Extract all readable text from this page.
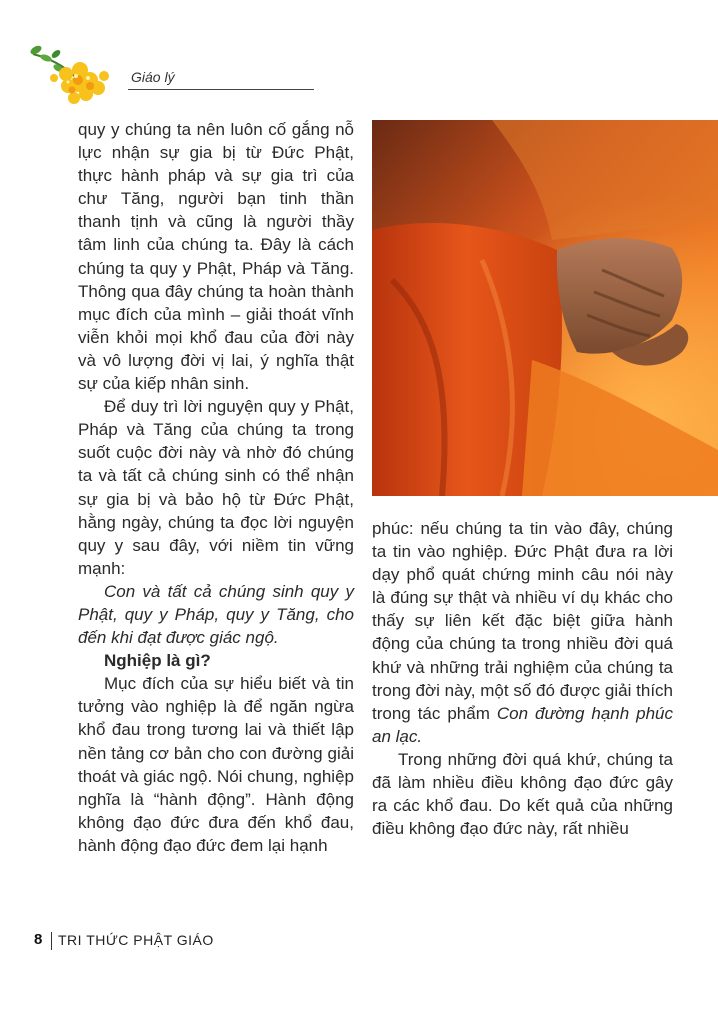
Giáo lý

quy y chúng ta nên luôn cố gắng nỗ lực nhận sự gia bị từ Đức Phật, thực hành pháp và sự gia trì của chư Tăng, người bạn tinh thần thanh tịnh và cũng là người thầy tâm linh của chúng ta. Đây là cách chúng ta quy y Phật, Pháp và Tăng. Thông qua đây chúng ta hoàn thành mục đích của mình – giải thoát vĩnh viễn khỏi mọi khổ đau của đời này và vô lượng đời vị lai, ý nghĩa thật sự của kiếp nhân sinh.

Để duy trì lời nguyện quy y Phật, Pháp và Tăng của chúng ta trong suốt cuộc đời này và nhờ đó chúng ta và tất cả chúng sinh có thể nhận sự gia bị và bảo hộ từ Đức Phật, hằng ngày, chúng ta đọc lời nguyện quy y sau đây, với niềm tin vững mạnh:

Con và tất cả chúng sinh quy y Phật, quy y Pháp, quy y Tăng, cho đến khi đạt được giác ngộ.

Nghiệp là gì?

Mục đích của sự hiểu biết và tin tưởng vào nghiệp là để ngăn ngừa khổ đau trong tương lai và thiết lập nền tảng cơ bản cho con đường giải thoát và giác ngộ. Nói chung, nghiệp nghĩa là “hành động”. Hành động không đạo đức đưa đến khổ đau, hành động đạo đức đem lại hạnh

phúc: nếu chúng ta tin vào đây, chúng ta tin vào nghiệp. Đức Phật đưa ra lời dạy phổ quát chứng minh câu nói này là đúng sự thật và nhiều ví dụ khác cho thấy sự liên kết đặc biệt giữa hành động của chúng ta trong nhiều đời quá khứ và những trải nghiệm của chúng ta trong đời này, một số đó được giải thích trong tác phẩm Con đường hạnh phúc an lạc.

Trong những đời quá khứ, chúng ta đã làm nhiều điều không đạo đức gây ra các khổ đau. Do kết quả của những điều không đạo đức này, rất nhiều

8 TRI THỨC PHẬT GIÁO
